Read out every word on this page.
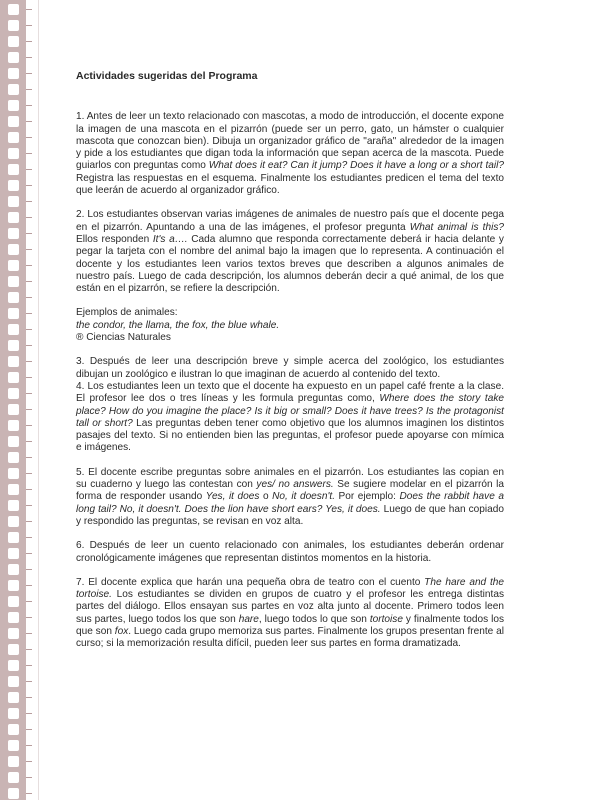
Actividades sugeridas del Programa

1. Antes de leer un texto relacionado con mascotas, a modo de introducción, el docente expone la imagen de una mascota en el pizarrón (puede ser un perro, gato, un hámster o cualquier mascota que conozcan bien). Dibuja un organizador gráfico de "araña" alrededor de la imagen y pide a los estudiantes que digan toda la información que sepan acerca de la mascota. Puede guiarlos con preguntas como What does it eat? Can it jump? Does it have a long or a short tail? Registra las respuestas en el esquema. Finalmente los estudiantes predicen el tema del texto que leerán de acuerdo al organizador gráfico.

2. Los estudiantes observan varias imágenes de animales de nuestro país que el docente pega en el pizarrón. Apuntando a una de las imágenes, el profesor pregunta What animal is this? Ellos responden It's a…. Cada alumno que responda correctamente deberá ir hacia delante y pegar la tarjeta con el nombre del animal bajo la imagen que lo representa. A continuación el docente y los estudiantes leen varios textos breves que describen a algunos animales de nuestro país. Luego de cada descripción, los alumnos deberán decir a qué animal, de los que están en el pizarrón, se refiere la descripción.

Ejemplos de animales:
the condor, the llama, the fox, the blue whale.
® Ciencias Naturales

3. Después de leer una descripción breve y simple acerca del zoológico, los estudiantes dibujan un zoológico e ilustran lo que imaginan de acuerdo al contenido del texto.

4. Los estudiantes leen un texto que el docente ha expuesto en un papel café frente a la clase. El profesor lee dos o tres líneas y les formula preguntas como, Where does the story take place? How do you imagine the place? Is it big or small? Does it have trees? Is the protagonist tall or short? Las preguntas deben tener como objetivo que los alumnos imaginen los distintos pasajes del texto. Si no entienden bien las preguntas, el profesor puede apoyarse con mímica e imágenes.

5. El docente escribe preguntas sobre animales en el pizarrón. Los estudiantes las copian en su cuaderno y luego las contestan con yes/ no answers. Se sugiere modelar en el pizarrón la forma de responder usando Yes, it does o No, it doesn't. Por ejemplo: Does the rabbit have a long tail? No, it doesn't. Does the lion have short ears? Yes, it does. Luego de que han copiado y respondido las preguntas, se revisan en voz alta.

6. Después de leer un cuento relacionado con animales, los estudiantes deberán ordenar cronológicamente imágenes que representan distintos momentos en la historia.

7. El docente explica que harán una pequeña obra de teatro con el cuento The hare and the tortoise. Los estudiantes se dividen en grupos de cuatro y el profesor les entrega distintas partes del diálogo. Ellos ensayan sus partes en voz alta junto al docente. Primero todos leen sus partes, luego todos los que son hare, luego todos lo que son tortoise y finalmente todos los que son fox. Luego cada grupo memoriza sus partes. Finalmente los grupos presentan frente al curso; si la memorización resulta difícil, pueden leer sus partes en forma dramatizada.
